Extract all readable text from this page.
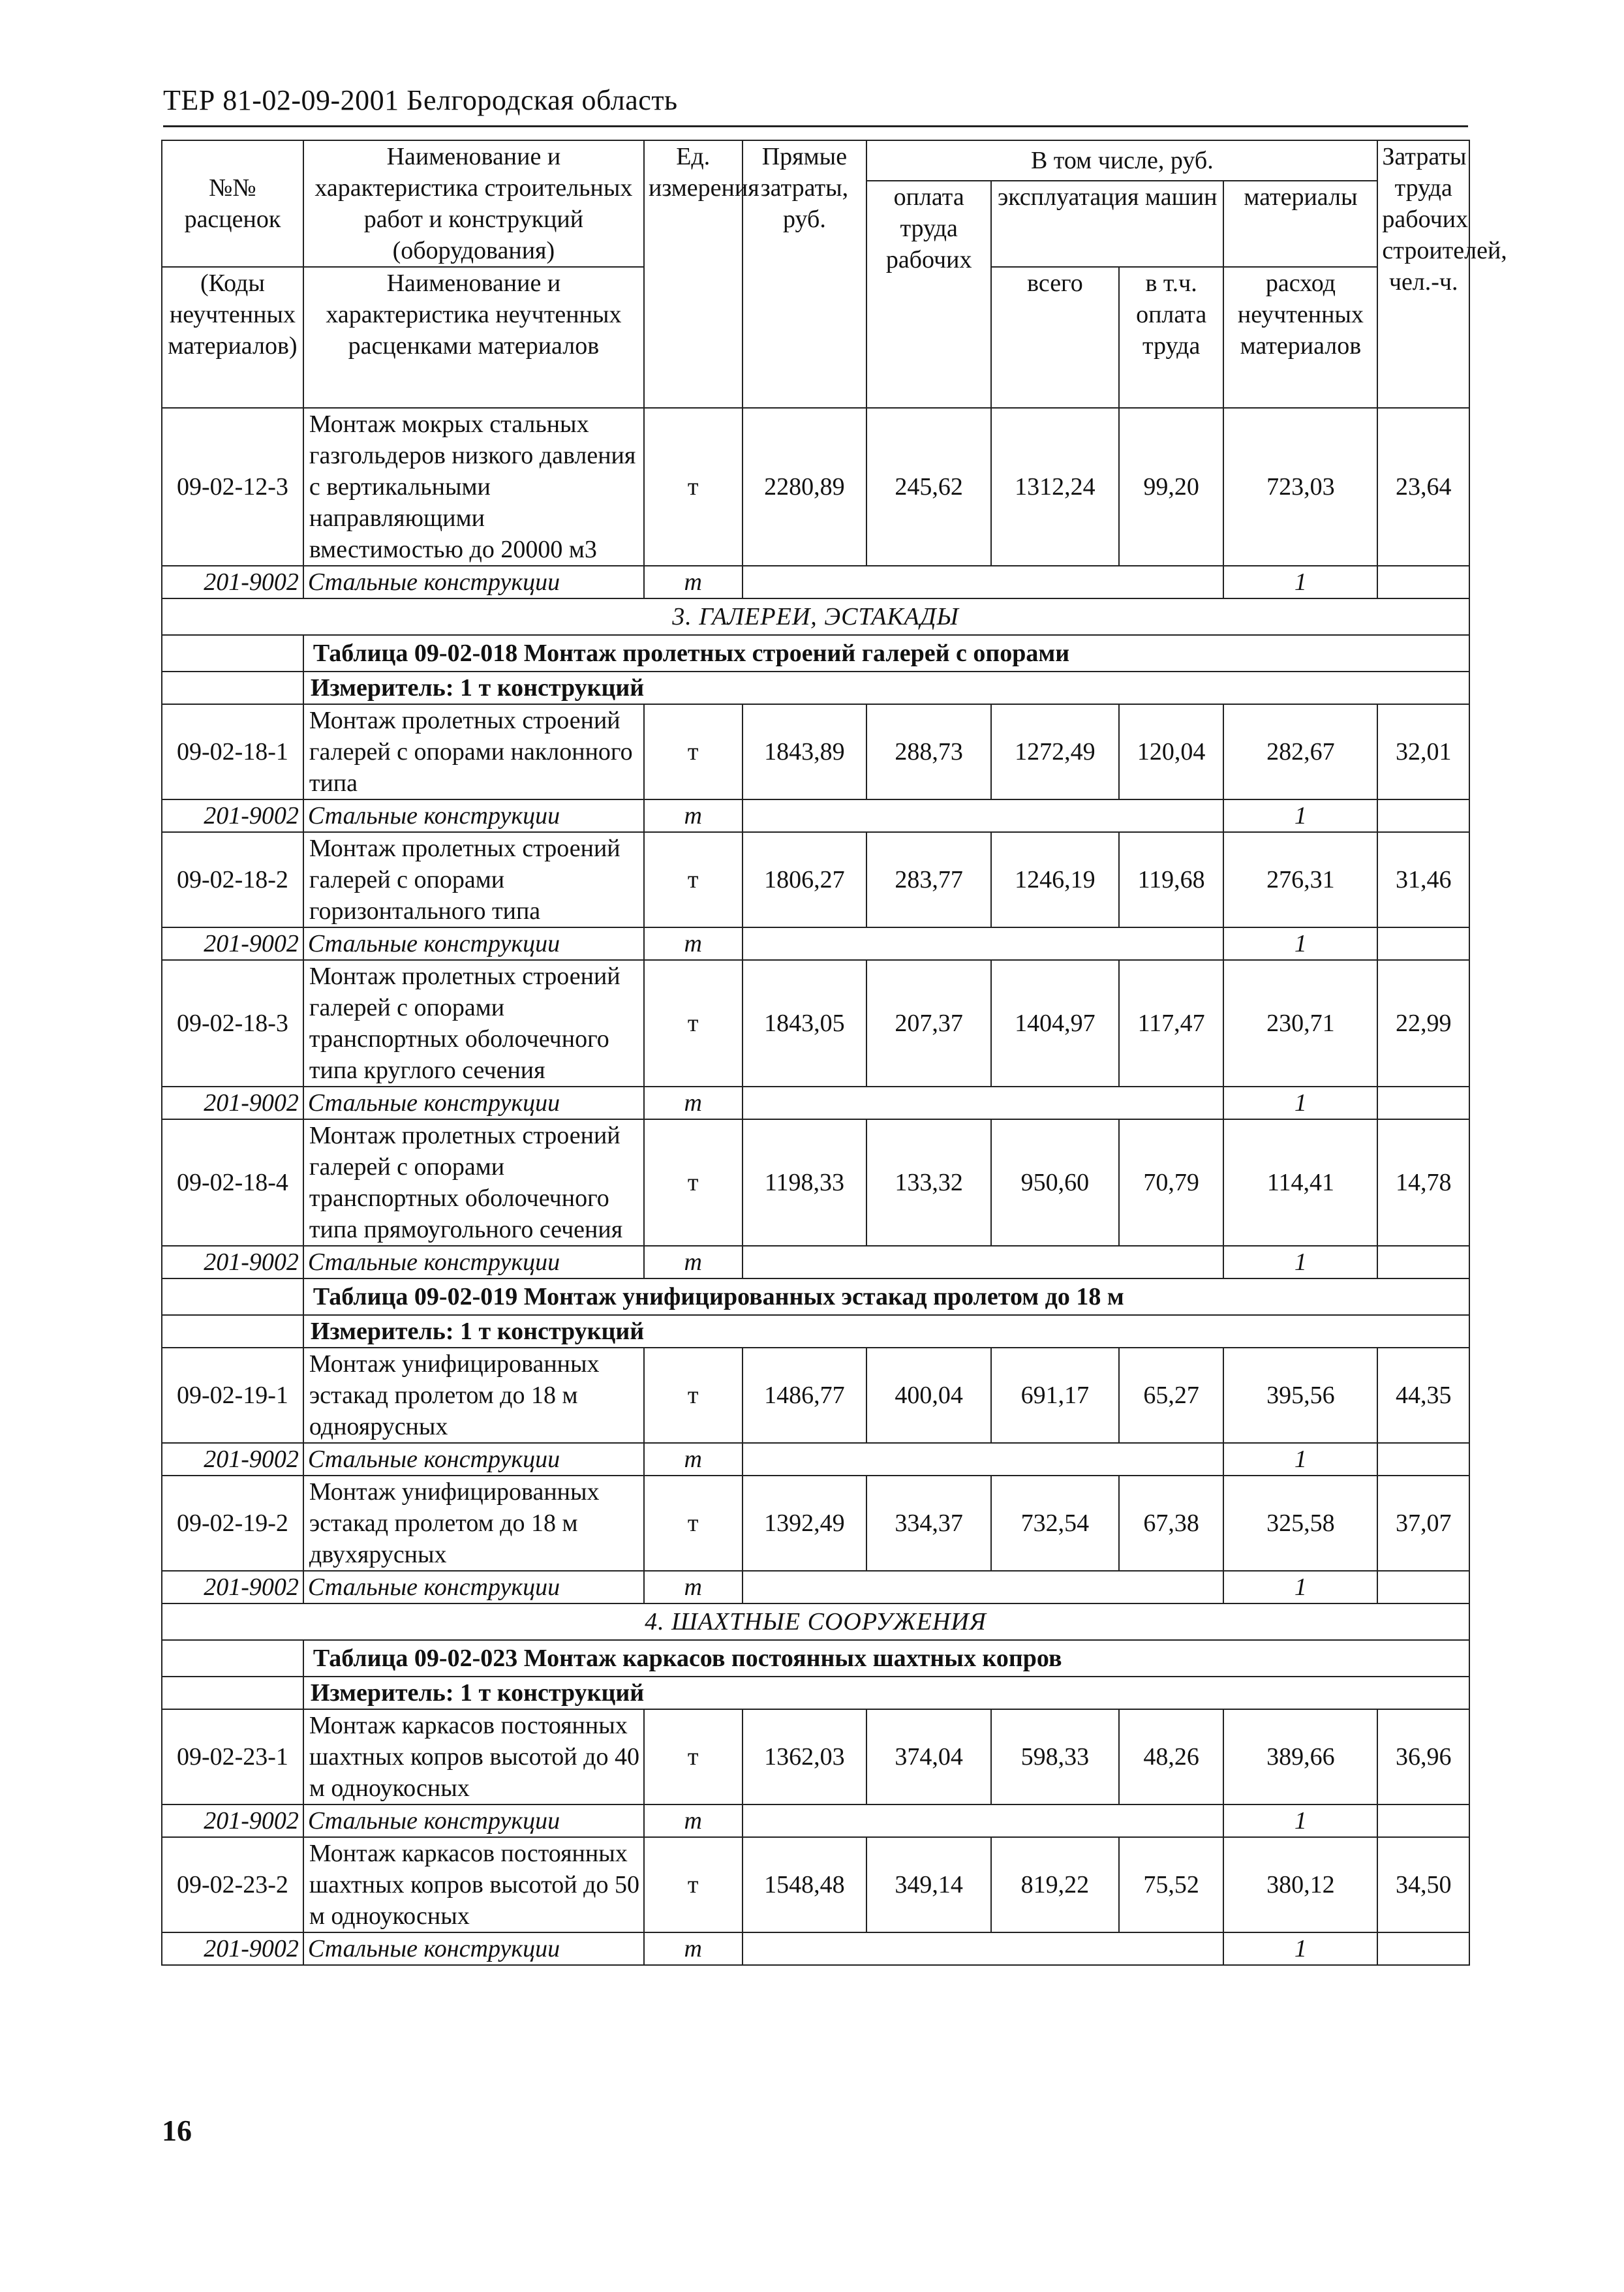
ТЕР 81-02-09-2001 Белгородская область
№№ расценок	Наименование и характеристика строительных работ и конструкций (оборудования)	Ед. измерения	Прямые затраты, руб.	В том числе, руб.				Затраты труда рабочих строителей, чел.-ч.
				оплата труда рабочих	эксплуатация машин		материалы	
(Коды неучтенных материалов)	Наименование и характеристика неучтенных расценками материалов				всего	в т.ч. оплата труда	расход неучтенных материалов	

09-02-12-3	Монтаж мокрых стальных газгольдеров низкого давления с вертикальными направляющими вместимостью до 20000 м3	т	2280,89	245,62	1312,24	99,20	723,03	23,64
201-9002	Стальные конструкции	т					1	
3. ГАЛЕРЕИ, ЭСТАКАДЫ								
	Таблица 09-02-018 Монтаж пролетных строений галерей с опорами							
	Измеритель: 1 т конструкций							
09-02-18-1	Монтаж пролетных строений галерей с опорами наклонного типа	т	1843,89	288,73	1272,49	120,04	282,67	32,01
201-9002	Стальные конструкции	т					1	
09-02-18-2	Монтаж пролетных строений галерей с опорами горизонтального типа	т	1806,27	283,77	1246,19	119,68	276,31	31,46
201-9002	Стальные конструкции	т					1	
09-02-18-3	Монтаж пролетных строений галерей с опорами транспортных оболочечного типа круглого сечения	т	1843,05	207,37	1404,97	117,47	230,71	22,99
201-9002	Стальные конструкции	т					1	
09-02-18-4	Монтаж пролетных строений галерей с опорами транспортных оболочечного типа прямоугольного сечения	т	1198,33	133,32	950,60	70,79	114,41	14,78
201-9002	Стальные конструкции	т					1	
	Таблица 09-02-019 Монтаж унифицированных эстакад пролетом до 18 м							
	Измеритель: 1 т конструкций							
09-02-19-1	Монтаж унифицированных эстакад пролетом до 18 м одноярусных	т	1486,77	400,04	691,17	65,27	395,56	44,35
201-9002	Стальные конструкции	т					1	
09-02-19-2	Монтаж унифицированных эстакад пролетом до 18 м двухярусных	т	1392,49	334,37	732,54	67,38	325,58	37,07
201-9002	Стальные конструкции	т					1	
4. ШАХТНЫЕ СООРУЖЕНИЯ								
	Таблица 09-02-023 Монтаж каркасов постоянных шахтных копров							
	Измеритель: 1 т конструкций							
09-02-23-1	Монтаж каркасов постоянных шахтных копров высотой до 40 м одноукосных	т	1362,03	374,04	598,33	48,26	389,66	36,96
201-9002	Стальные конструкции	т					1	
09-02-23-2	Монтаж каркасов постоянных шахтных копров высотой до 50 м одноукосных	т	1548,48	349,14	819,22	75,52	380,12	34,50
201-9002	Стальные конструкции	т					1	
16
